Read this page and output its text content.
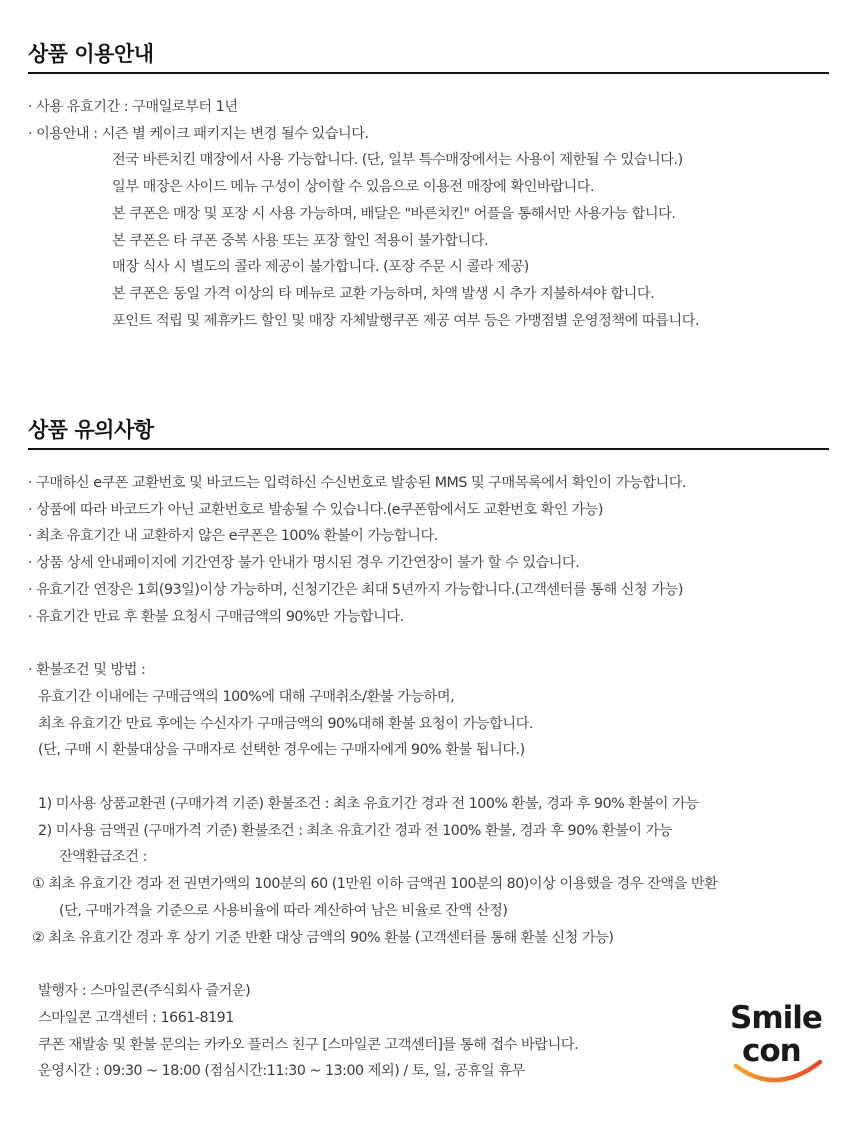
상품 이용안내
· 사용 유효기간 : 구매일로부터 1년
· 이용안내 : 시즌 별 케이크 패키지는 변경 될수 있습니다.
전국 바른치킨 매장에서 사용 가능합니다. (단, 일부 특수매장에서는 사용이 제한될 수 있습니다.)
일부 매장은 사이드 메뉴 구성이 상이할 수 있음으로 이용전 매장에 확인바랍니다.
본 쿠폰은 매장 및 포장 시 사용 가능하며, 배달은 "바른치킨" 어플을 통해서만 사용가능 합니다.
본 쿠폰은 타 쿠폰 중복 사용 또는 포장 할인 적용이 불가합니다.
매장 식사 시 별도의 콜라 제공이 불가합니다. (포장 주문 시 콜라 제공)
본 쿠폰은 동일 가격 이상의 타 메뉴로 교환 가능하며, 차액 발생 시 추가 지불하셔야 합니다.
포인트 적립 및 제휴카드 할인 및 매장 자체발행쿠폰 제공 여부 등은 가맹점별 운영정책에 따릅니다.
상품 유의사항
· 구매하신 e쿠폰 교환번호 및 바코드는 입력하신 수신번호로 발송된 MMS 및 구매목록에서 확인이 가능합니다.
· 상품에 따라 바코드가 아닌 교환번호로 발송될 수 있습니다.(e쿠폰함에서도 교환번호 확인 가능)
· 최초 유효기간 내 교환하지 않은 e쿠폰은 100% 환불이 가능합니다.
· 상품 상세 안내페이지에 기간연장 불가 안내가 명시된 경우 기간연장이 불가 할 수 있습니다.
· 유효기간 연장은 1회(93일)이상 가능하며, 신청기간은 최대 5년까지 가능합니다.(고객센터를 통해 신청 가능)
· 유효기간 만료 후 환불 요청시 구매금액의 90%만 가능합니다.
· 환불조건 및 방법 :
유효기간 이내에는 구매금액의 100%에 대해 구매취소/환불 가능하며,
최초 유효기간 만료 후에는 수신자가 구매금액의 90%대해 환불 요청이 가능합니다.
(단, 구매 시 환불대상을 구매자로 선택한 경우에는 구매자에게 90% 환불 됩니다.)
1) 미사용 상품교환권 (구매가격 기준) 환불조건 : 최초 유효기간 경과 전 100% 환불, 경과 후 90% 환불이 가능
2) 미사용 금액권 (구매가격 기준) 환불조건 : 최초 유효기간 경과 전 100% 환불, 경과 후 90% 환불이 가능
잔액환급조건 :
① 최초 유효기간 경과 전 권면가액의 100분의 60 (1만원 이하 금액권 100분의 80)이상 이용했을 경우 잔액을 반환
(단, 구매가격을 기준으로 사용비율에 따라 계산하여 남은 비율로 잔액 산정)
② 최초 유효기간 경과 후 상기 기준 반환 대상 금액의 90% 환불 (고객센터를 통해 환불 신청 가능)
발행자 : 스마일콘(주식회사 즐거운)
스마일콘 고객센터 : 1661-8191
쿠폰 재발송 및 환불 문의는 카카오 플러스 친구 [스마일콘 고객센터]를 통해 접수 바랍니다.
운영시간 : 09:30 ~ 18:00 (점심시간:11:30 ~ 13:00 제외) / 토, 일, 공휴일 휴무
Smile
con
